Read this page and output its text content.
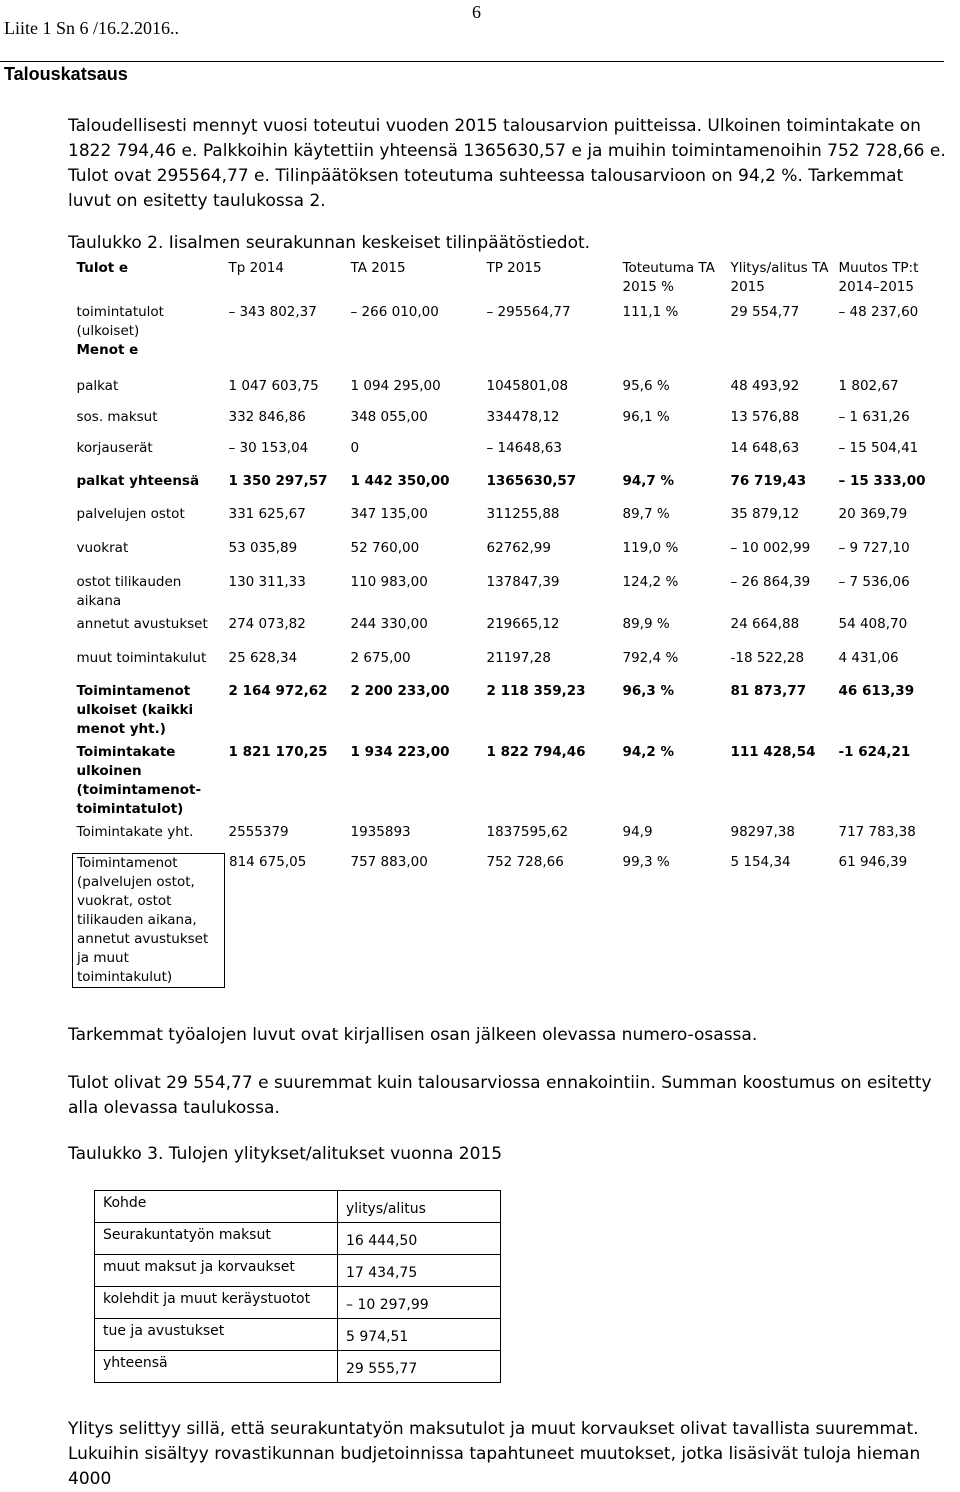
Liite 1 Sn 6 /16.2.2016..
6
Talouskatsaus
Taloudellisesti mennyt vuosi toteutui vuoden 2015 talousarvion puitteissa. Ulkoinen toimintakate on 1822 794,46 e. Palkkoihin käytettiin yhteensä 1365630,57 e ja muihin toimintamenoihin 752 728,66 e. Tulot ovat 295564,77 e. Tilinpäätöksen toteutuma suhteessa talousarvioon on 94,2 %. Tarkemmat luvut on esitetty taulukossa 2.
Taulukko 2. Iisalmen seurakunnan keskeiset tilinpäätöstiedot.
Tulot e	Tp 2014	TA 2015	TP 2015	Toteutuma TA 2015 %	Ylitys/alitus TA 2015	Muutos TP:t 2014–2015
toimintatulot (ulkoiset)	– 343 802,37	– 266 010,00	– 295564,77	111,1 %	29 554,77	– 48 237,60
Menot e						
palkat	1 047 603,75	1 094 295,00	1045801,08	95,6 %	48 493,92	1 802,67
sos. maksut	332 846,86	348 055,00	334478,12	96,1 %	13 576,88	– 1 631,26
korjauserät	– 30 153,04	0	– 14648,63		14 648,63	– 15 504,41
palkat yhteensä	1 350 297,57	1 442 350,00	1365630,57	94,7 %	76 719,43	– 15 333,00
palvelujen ostot	331 625,67	347 135,00	311255,88	89,7 %	35 879,12	20 369,79
vuokrat	53 035,89	52 760,00	62762,99	119,0 %	– 10 002,99	– 9 727,10
ostot tilikauden aikana	130 311,33	110 983,00	137847,39	124,2 %	– 26 864,39	– 7 536,06
annetut avustukset	274 073,82	244 330,00	219665,12	89,9 %	24 664,88	54 408,70
muut toimintakulut	25 628,34	2 675,00	21197,28	792,4 %	-18 522,28	4 431,06
Toimintamenot ulkoiset (kaikki menot yht.)	2 164 972,62	2 200 233,00	2 118 359,23	96,3 %	81 873,77	46 613,39
Toimintakate ulkoinen (toimintamenot- toimintatulot)	1 821 170,25	1 934 223,00	1 822 794,46	94,2 %	111 428,54	-1 624,21
Toimintakate yht.	2555379	1935893	1837595,62	94,9	98297,38	717 783,38
Toimintamenot (palvelujen ostot, vuokrat, ostot tilikauden aikana, annetut avustukset ja muut toimintakulut)	814 675,05	757 883,00	752 728,66	99,3 %	5 154,34	61 946,39
Tarkemmat työalojen luvut ovat kirjallisen osan jälkeen olevassa numero-osassa.
Tulot olivat 29 554,77 e suuremmat kuin talousarviossa ennakointiin. Summan koostumus on esitetty alla olevassa taulukossa.
Taulukko 3. Tulojen ylitykset/alitukset vuonna 2015
Kohde	ylitys/alitus
Seurakuntatyön maksut	16 444,50
muut maksut ja korvaukset	17 434,75
kolehdit ja muut keräystuotot	– 10 297,99
tue ja avustukset	5 974,51
yhteensä	29 555,77
Ylitys selittyy sillä, että seurakuntatyön maksutulot ja muut korvaukset olivat tavallista suuremmat. Lukuihin sisältyy rovastikunnan budjetoinnissa tapahtuneet muutokset, jotka lisäsivät tuloja hieman 4000
